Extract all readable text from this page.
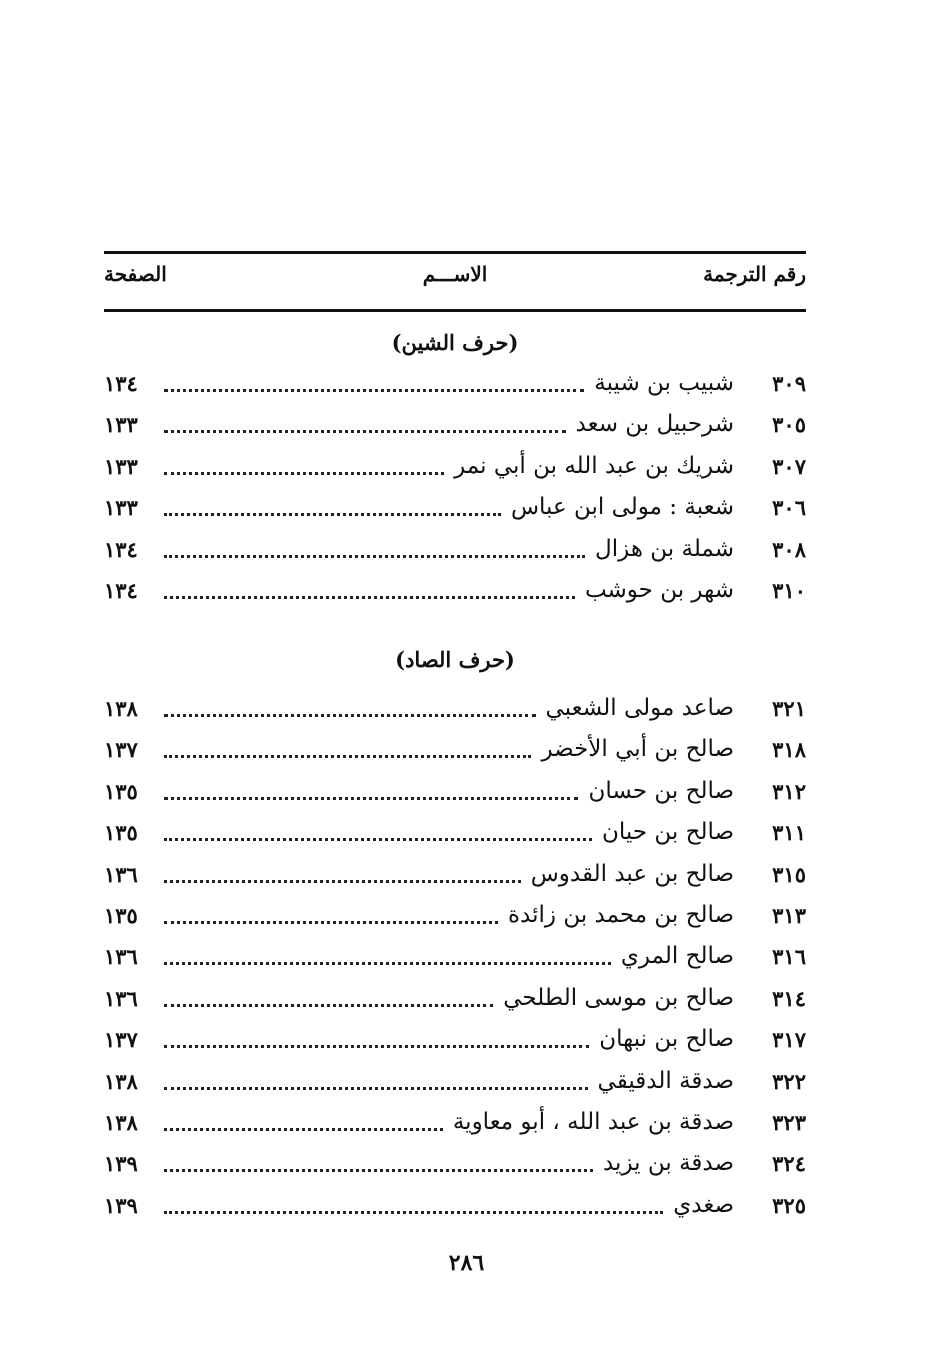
رقم الترجمة
الاســـم
الصفحة
(حرف الشين)
٣٠٩
شبيب بن شيبة
١٣٤
٣٠٥
شرحبيل بن سعد
١٣٣
٣٠٧
شريك بن عبد الله بن أبي نمر
١٣٣
٣٠٦
شعبة : مولى ابن عباس
١٣٣
٣٠٨
شملة بن هزال
١٣٤
٣١٠
شهر بن حوشب
١٣٤
(حرف الصاد)
٣٢١
صاعد مولى الشعبي
١٣٨
٣١٨
صالح بن أبي الأخضر
١٣٧
٣١٢
صالح بن حسان
١٣٥
٣١١
صالح بن حيان
١٣٥
٣١٥
صالح بن عبد القدوس
١٣٦
٣١٣
صالح بن محمد بن زائدة
١٣٥
٣١٦
صالح المري
١٣٦
٣١٤
صالح بن موسى الطلحي
١٣٦
٣١٧
صالح بن نبهان
١٣٧
٣٢٢
صدقة الدقيقي
١٣٨
٣٢٣
صدقة بن عبد الله ، أبو معاوية
١٣٨
٣٢٤
صدقة بن يزيد
١٣٩
٣٢٥
صغدي
١٣٩
٢٨٦
